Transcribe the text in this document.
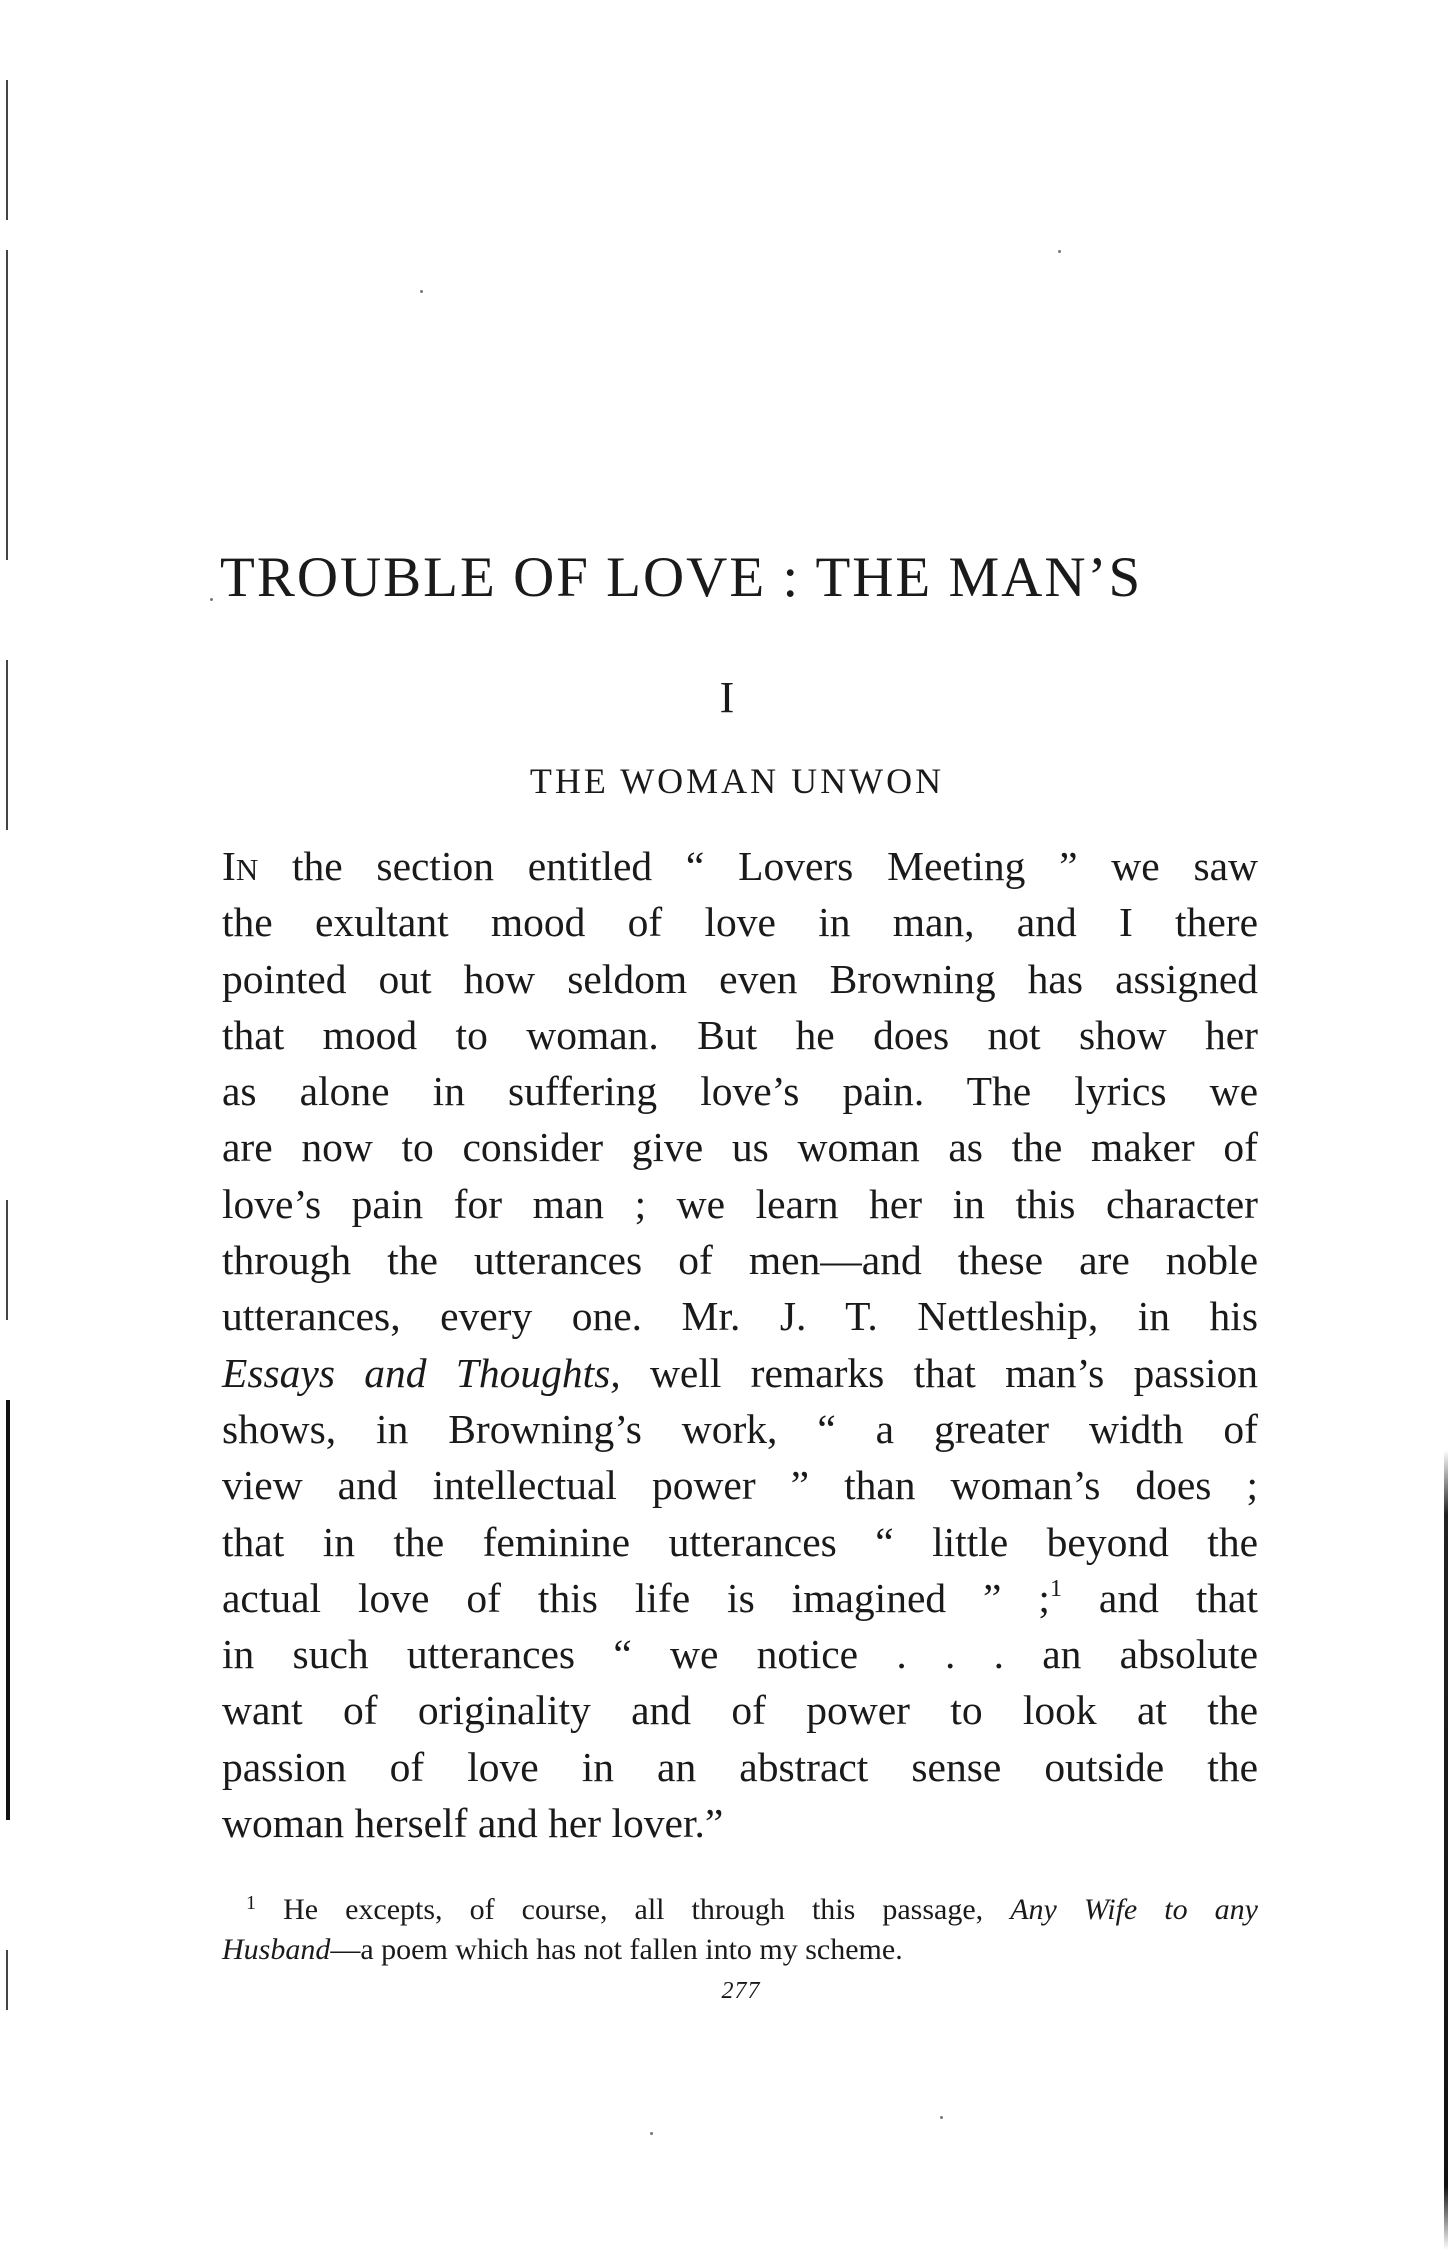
TROUBLE OF LOVE : THE MAN’S
I
THE WOMAN UNWON
IN the section entitled “ Lovers Meeting ” we saw
the exultant mood of love in man, and I there
pointed out how seldom even Browning has assigned
that mood to woman. But he does not show her
as alone in suffering love’s pain. The lyrics we
are now to consider give us woman as the maker of
love’s pain for man ; we learn her in this character
through the utterances of men—and these are noble
utterances, every one. Mr. J. T. Nettleship, in his
Essays and Thoughts, well remarks that man’s passion
shows, in Browning’s work, “ a greater width of
view and intellectual power ” than woman’s does ;
that in the feminine utterances “ little beyond the
actual love of this life is imagined ” ;$^1$ and that
in such utterances “ we notice . . . an absolute
want of originality and of power to look at the
passion of love in an abstract sense outside the
woman herself and her lover.”
$^1$ He excepts, of course, all through this passage, Any Wife to any
Husband—a poem which has not fallen into my scheme.
277
